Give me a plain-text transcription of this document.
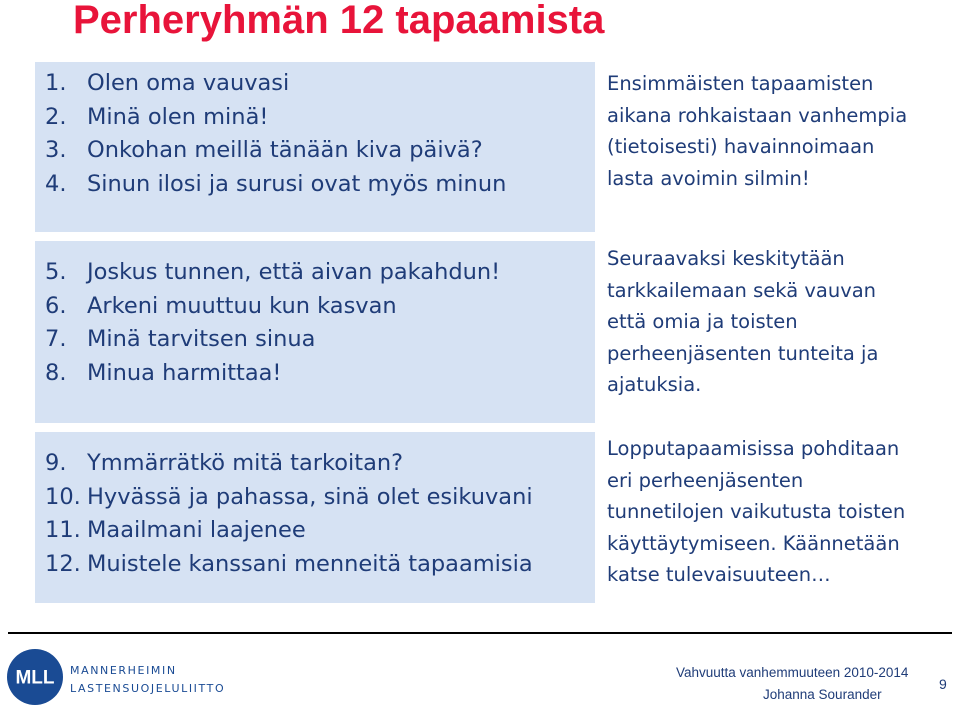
Perheryhmän 12 tapaamista
1. Olen oma vauvasi
2. Minä olen minä!
3. Onkohan meillä tänään kiva päivä?
4. Sinun ilosi ja surusi ovat myös minun
5. Joskus tunnen, että aivan pakahdun!
6. Arkeni muuttuu kun kasvan
7. Minä tarvitsen sinua
8. Minua harmittaa!
9. Ymmärrätkö mitä tarkoitan?
10. Hyvässä ja pahassa, sinä olet esikuvani
11. Maailmani laajenee
12. Muistele kanssani menneitä tapaamisia

Ensimmäisten tapaamisten
aikana rohkaistaan vanhempia
(tietoisesti) havainnoimaan
lasta avoimin silmin!

Seuraavaksi keskitytään
tarkkailemaan sekä vauvan
että omia ja toisten
perheenjäsenten tunteita ja
ajatuksia.

Lopputapaamisissa pohditaan
eri perheenjäsenten
tunnetilojen vaikutusta toisten
käyttäytymiseen. Käännetään
katse tulevaisuuteen…

MLL MANNERHEIMIN
LASTENSUOJELULIITTO
Vahvuutta vanhemmuuteen 2010-2014
Johanna Sourander
9
